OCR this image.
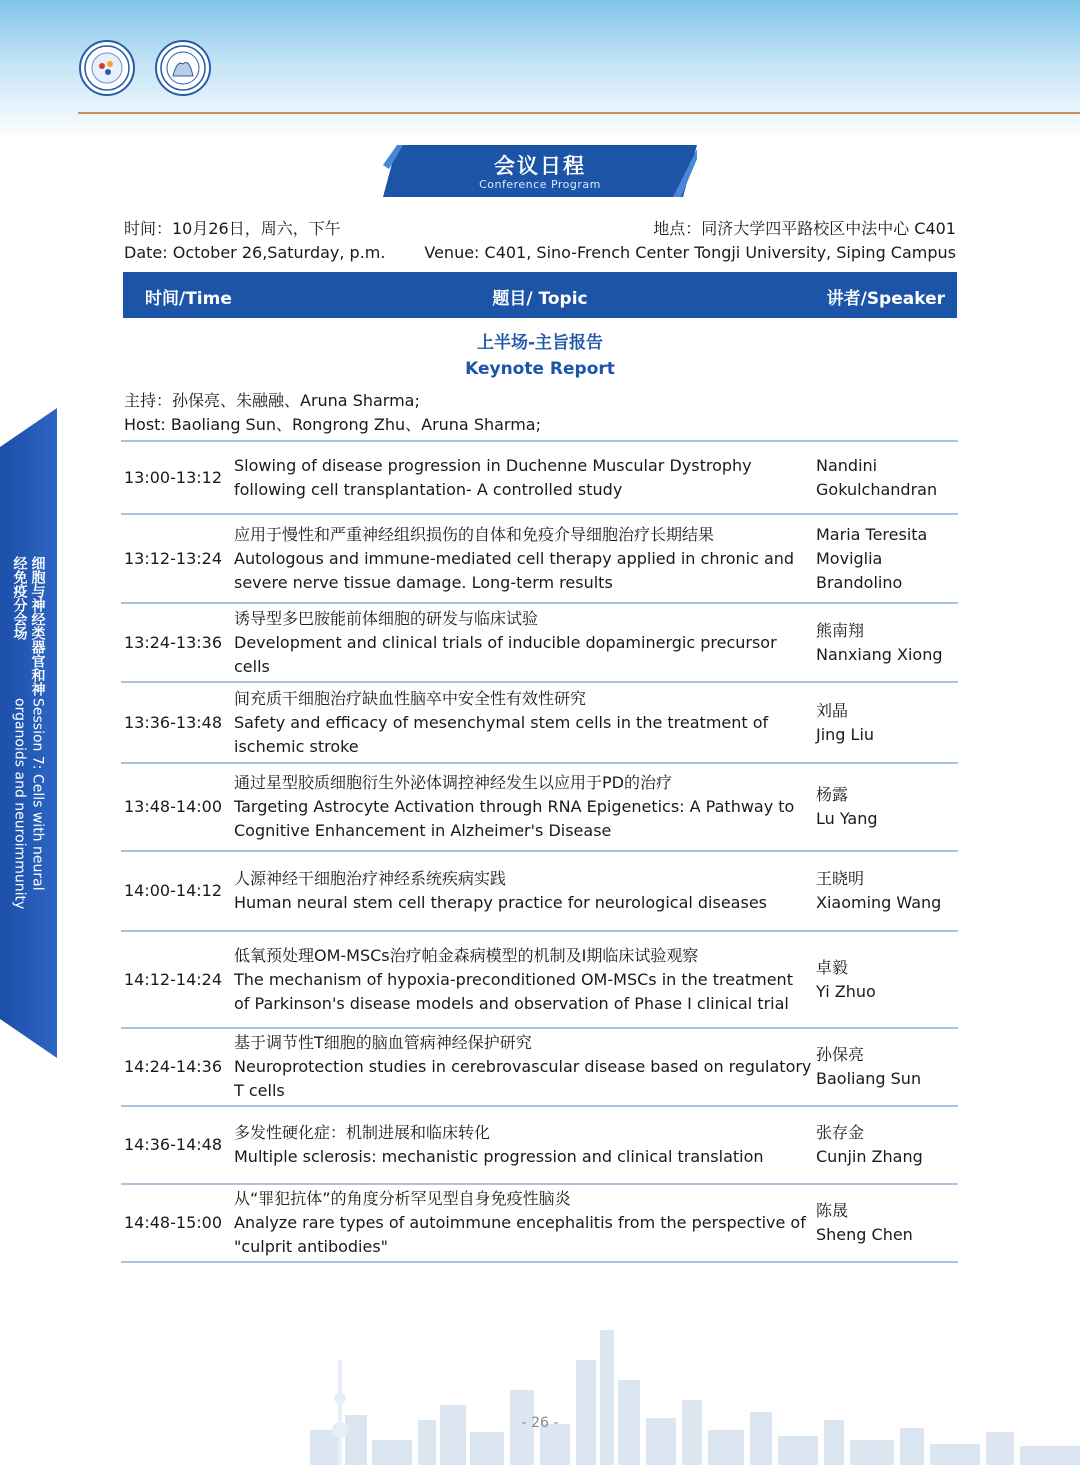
会议日程
Conference Program
时间：10月26日，周六，下午
Date: October 26,Saturday, p.m.
地点：同济大学四平路校区中法中心 C401
Venue: C401, Sino-French Center Tongji University, Siping Campus
时间/Time	题目/ Topic	讲者/Speaker
上半场-主旨报告
Keynote Report
主持：孙保亮、朱融融、Aruna Sharma;
Host: Baoliang Sun、Rongrong Zhu、Aruna Sharma;
13:00-13:12
Slowing of disease progression in Duchenne Muscular Dystrophy
following cell transplantation- A controlled study
Nandini
Gokulchandran
13:12-13:24
应用于慢性和严重神经组织损伤的自体和免疫介导细胞治疗长期结果
Autologous and immune-mediated cell therapy applied in chronic and
severe nerve tissue damage. Long-term results
Maria Teresita
Moviglia
Brandolino
13:24-13:36
诱导型多巴胺能前体细胞的研发与临床试验
Development and clinical trials of inducible dopaminergic precursor
cells
熊南翔
Nanxiang Xiong
13:36-13:48
间充质干细胞治疗缺血性脑卒中安全性有效性研究
Safety and efficacy of mesenchymal stem cells in the treatment of
ischemic stroke
刘晶
Jing Liu
13:48-14:00
通过星型胶质细胞衍生外泌体调控神经发生以应用于PD的治疗
Targeting Astrocyte Activation through RNA Epigenetics: A Pathway to
Cognitive Enhancement in Alzheimer's Disease
杨露
Lu Yang
14:00-14:12
人源神经干细胞治疗神经系统疾病实践
Human neural stem cell therapy practice for neurological diseases
王晓明
Xiaoming Wang
14:12-14:24
低氧预处理OM-MSCs治疗帕金森病模型的机制及I期临床试验观察
The mechanism of hypoxia-preconditioned OM-MSCs in the treatment
of Parkinson's disease models and observation of Phase I clinical trial
卓毅
Yi Zhuo
14:24-14:36
基于调节性T细胞的脑血管病神经保护研究
Neuroprotection studies in cerebrovascular disease based on regulatory
T cells
孙保亮
Baoliang Sun
14:36-14:48
多发性硬化症：机制进展和临床转化
Multiple sclerosis: mechanistic progression and clinical translation
张存金
Cunjin Zhang
14:48-15:00
从“罪犯抗体”的角度分析罕见型自身免疫性脑炎
Analyze rare types of autoimmune encephalitis from the perspective of
"culprit antibodies"
陈晟
Sheng Chen
细胞与神经类器官和神经免疫分会场
Session 7: Cells with neural organoids and neuroimmunity
- 26 -
